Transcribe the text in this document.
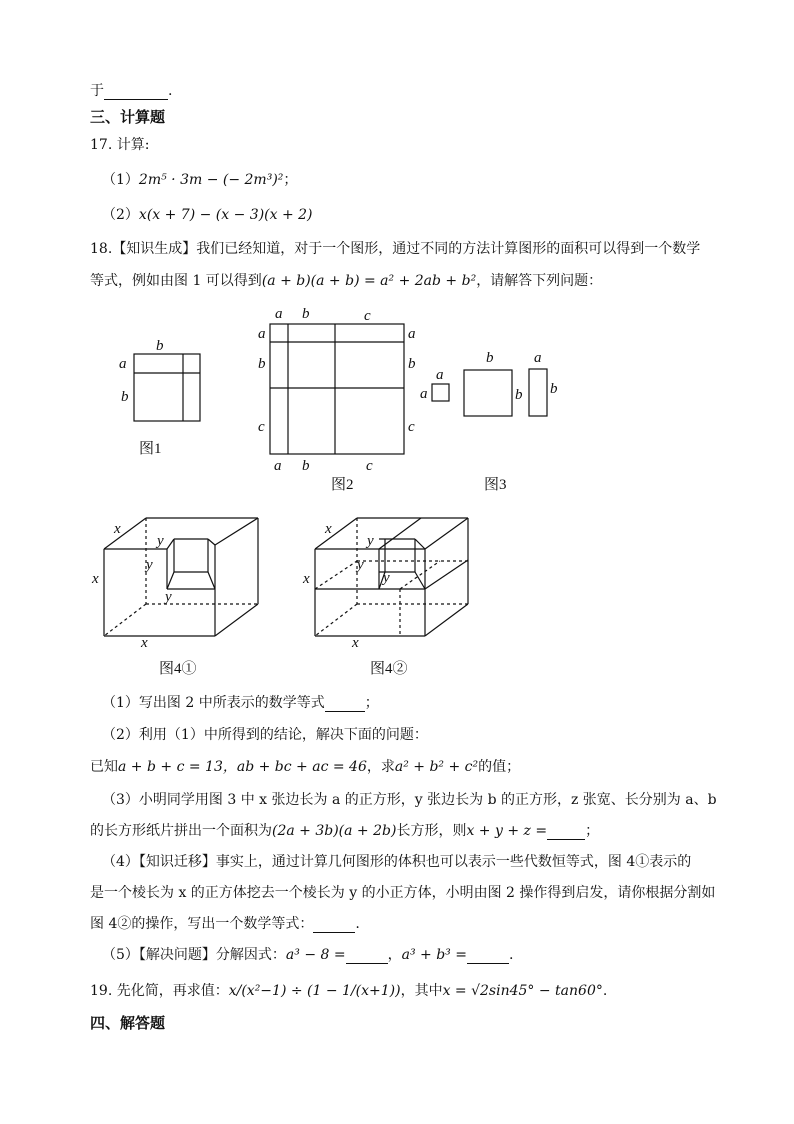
于	.
三、计算题
17. 计算:
（1）2m⁵ · 3m − (− 2m³)²；
（2）x(x + 7) − (x − 3)(x + 2)
18.【知识生成】我们已经知道，对于一个图形，通过不同的方法计算图形的面积可以得到一个数学
等式，例如由图 1 可以得到(a + b)(a + b) = a² + 2ab + b²，请解答下列问题：
b
a
b
图1
a b	c
a
b
c
a
b
c
a b	c
图2
a
a
b
b
a
b
图3
x
x
x
y
y
y
图4①
x
x
x
y
y
y
图4②
（1）写出图 2 中所表示的数学等式	；
（2）利用（1）中所得到的结论，解决下面的问题：
已知a + b + c = 13，ab + bc + ac = 46，求a² + b² + c²的值；
（3）小明同学用图 3 中 x 张边长为 a 的正方形，y 张边长为 b 的正方形，z 张宽、长分别为 a、b
的长方形纸片拼出一个面积为(2a + 3b)(a + 2b)长方形，则x + y + z =	；
（4）【知识迁移】事实上，通过计算几何图形的体积也可以表示一些代数恒等式，图 4①表示的
是一个棱长为 x 的正方体挖去一个棱长为 y 的小正方体，小明由图 2 操作得到启发，请你根据分割如
图 4②的操作，写出一个数学等式：	.
（5）【解决问题】分解因式：a³ − 8 =	，a³ + b³ =	.
19. 先化简，再求值：x/(x²−1) ÷ (1 − 1/(x+1))，其中x = √2sin45° − tan60°.
四、解答题
